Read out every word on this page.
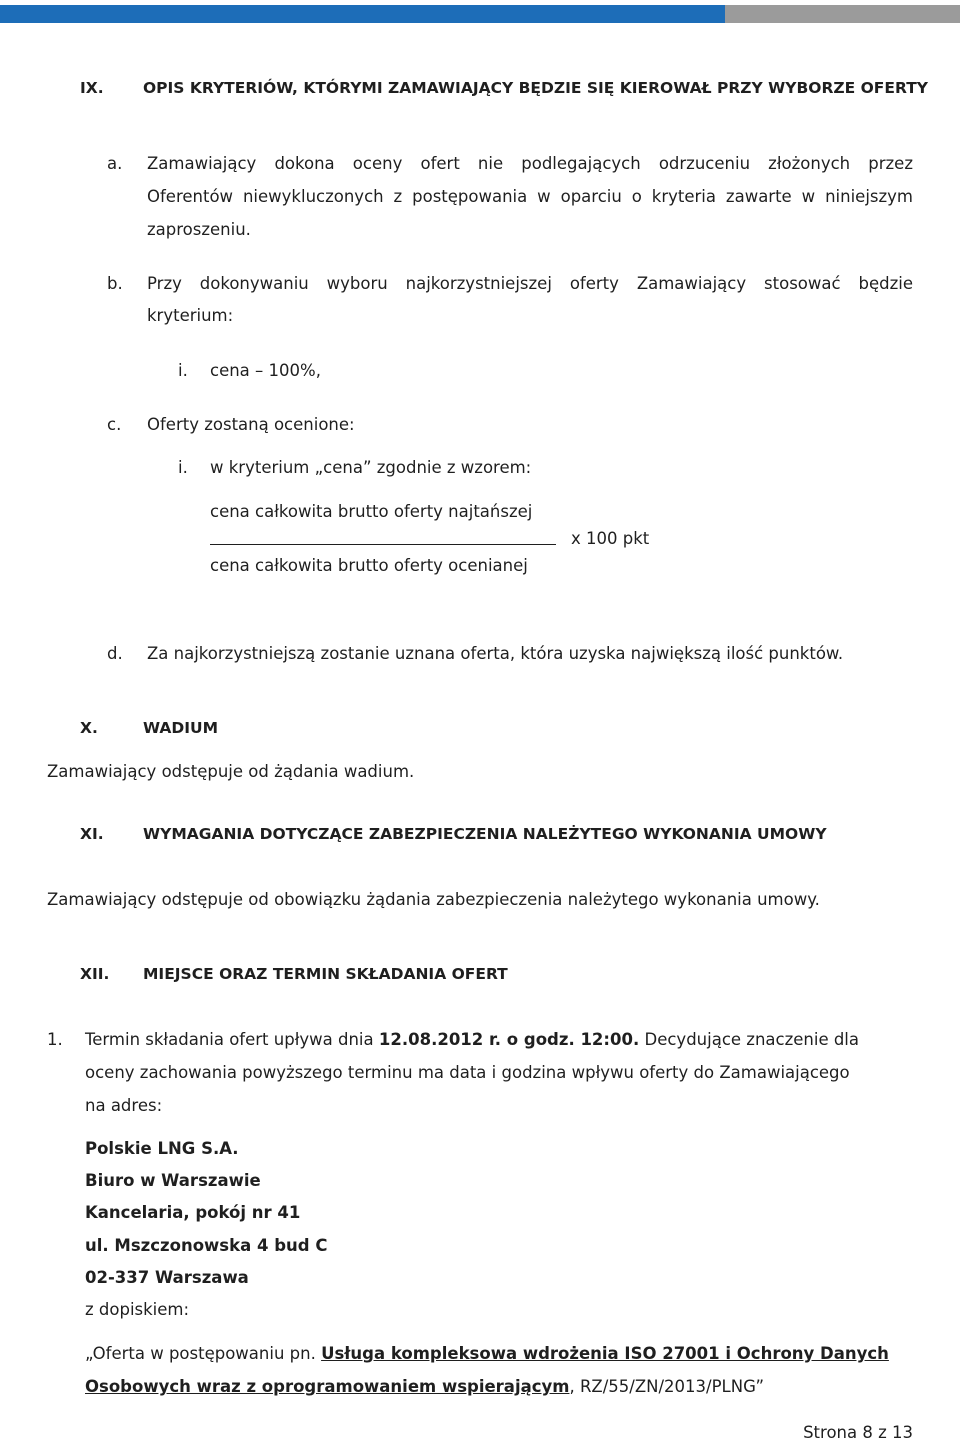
IX.	OPIS KRYTERIÓW, KTÓRYMI ZAMAWIAJĄCY BĘDZIE SIĘ KIEROWAŁ PRZY WYBORZE OFERTY
a. Zamawiający dokona oceny ofert nie podlegających odrzuceniu złożonych przez
Oferentów niewykluczonych z postępowania w oparciu o kryteria zawarte w niniejszym
zaproszeniu.
b. Przy dokonywaniu wyboru najkorzystniejszej oferty Zamawiający stosować będzie
kryterium:
i. cena – 100%,
c. Oferty zostaną ocenione:
i. w kryterium „cena” zgodnie z wzorem:
cena całkowita brutto oferty najtańszej
x 100 pkt
cena całkowita brutto oferty ocenianej
d. Za najkorzystniejszą zostanie uznana oferta, która uzyska największą ilość punktów.
X.	WADIUM
Zamawiający odstępuje od żądania wadium.
XI.	WYMAGANIA DOTYCZĄCE ZABEZPIECZENIA NALEŻYTEGO WYKONANIA UMOWY
Zamawiający odstępuje od obowiązku żądania zabezpieczenia należytego wykonania umowy.
XII. MIEJSCE ORAZ TERMIN SKŁADANIA OFERT
1. Termin składania ofert upływa dnia 12.08.2012 r. o godz. 12:00. Decydujące znaczenie dla
oceny zachowania powyższego terminu ma data i godzina wpływu oferty do Zamawiającego
na adres:
Polskie LNG S.A.
Biuro w Warszawie
Kancelaria, pokój nr 41
ul. Mszczonowska 4 bud C
02-337 Warszawa
z dopiskiem:
„Oferta w postępowaniu pn. Usługa kompleksowa wdrożenia ISO 27001 i Ochrony Danych
Osobowych wraz z oprogramowaniem wspierającym, RZ/55/ZN/2013/PLNG”
Strona 8 z 13
